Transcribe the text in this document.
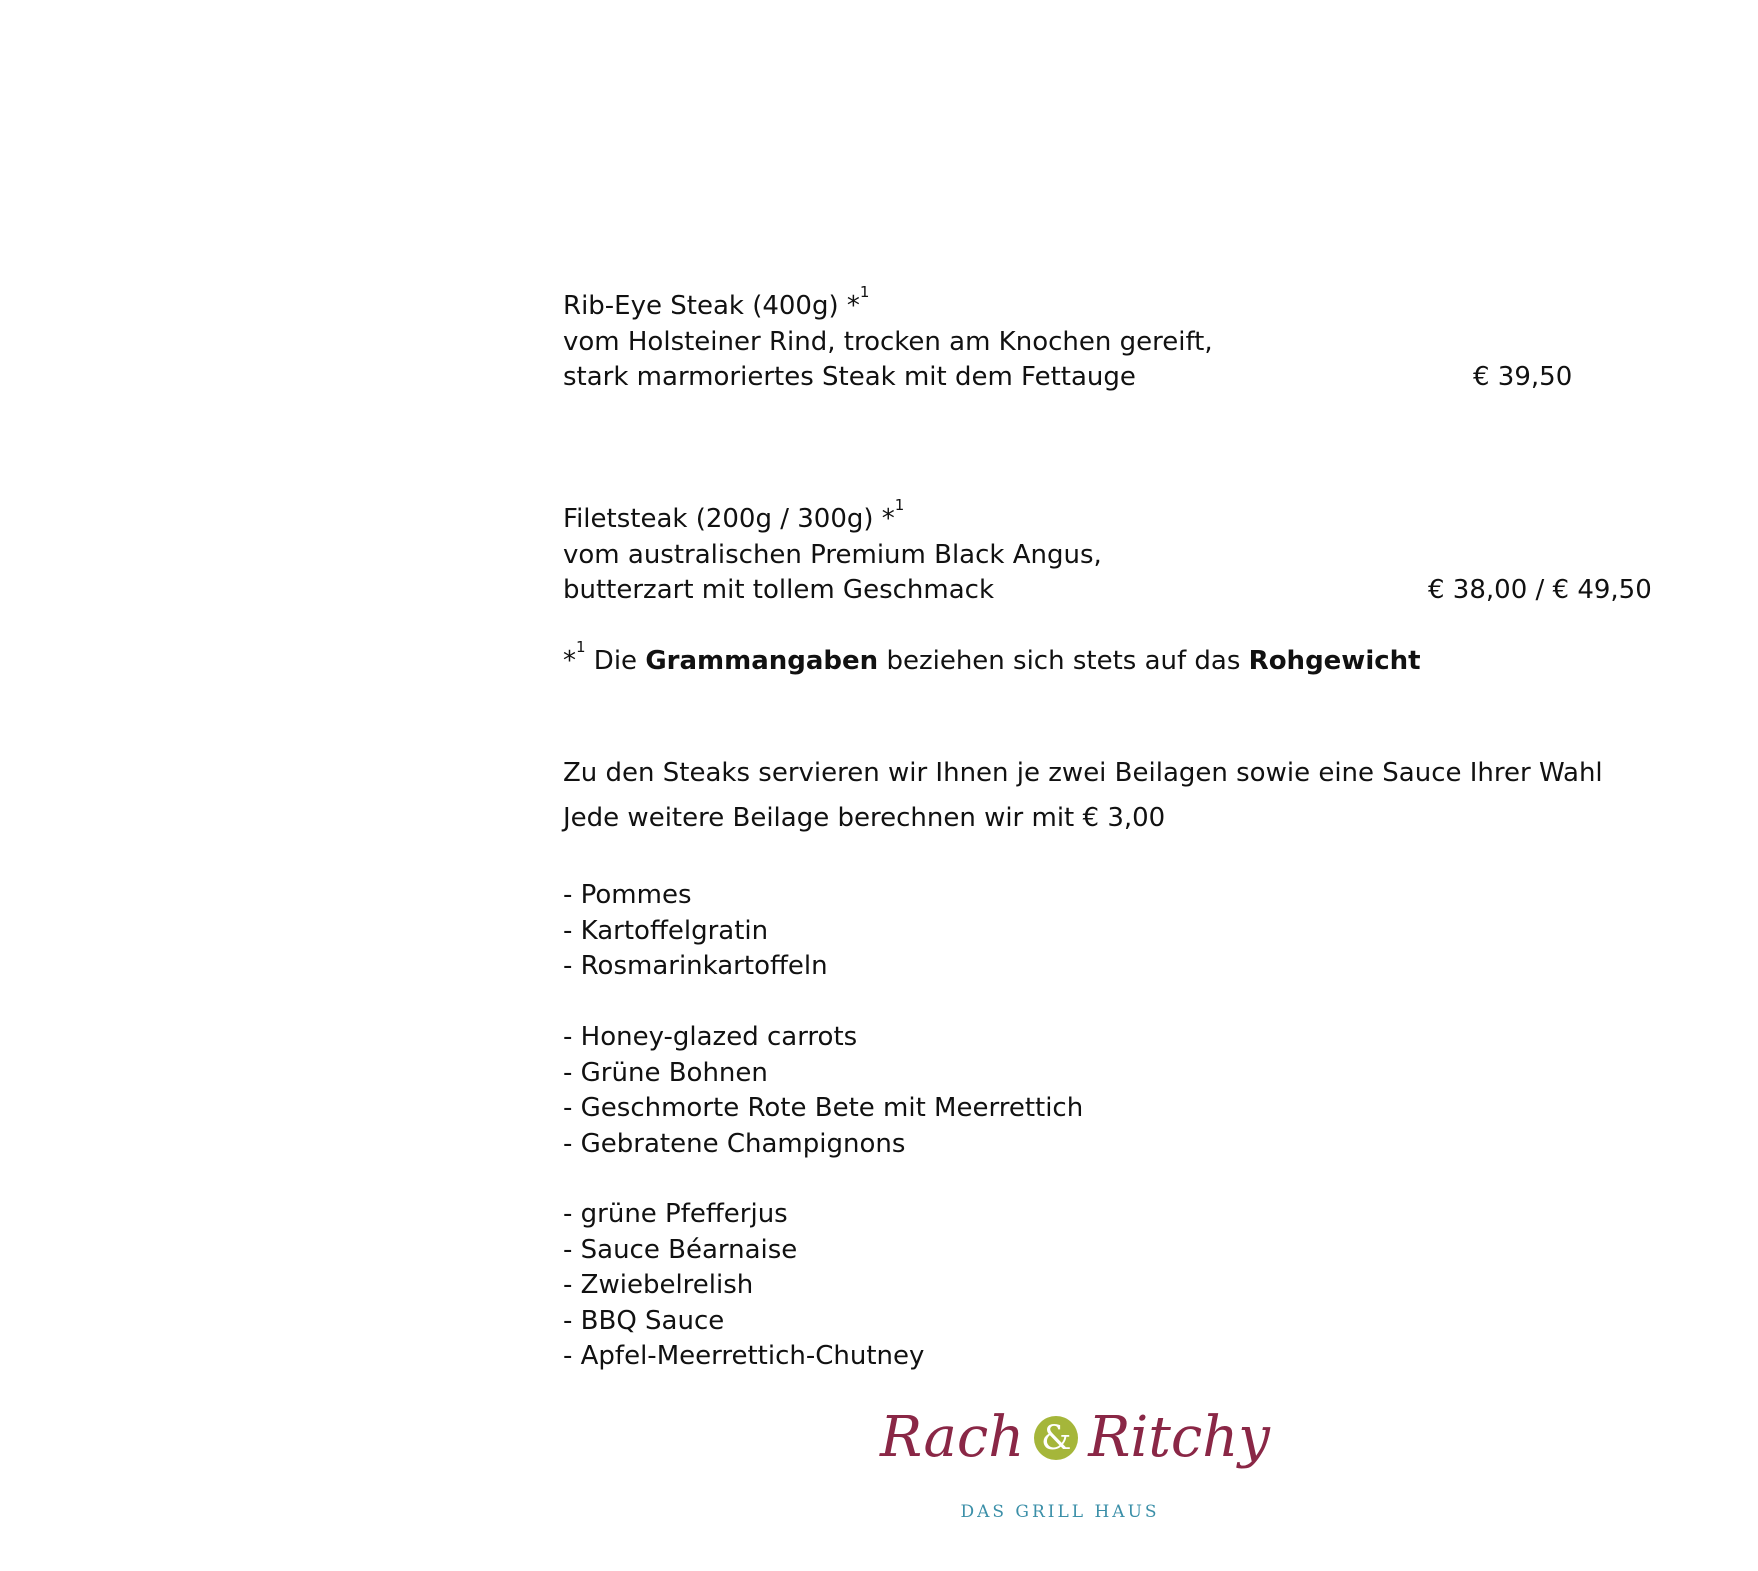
Rib-Eye Steak (400g) *$^1$
vom Holsteiner Rind, trocken am Knochen gereift,
stark marmoriertes Steak mit dem Fettauge	€ 39,50
Filetsteak (200g / 300g) *$^1$
vom australischen Premium Black Angus,
butterzart mit tollem Geschmack	€ 38,00 / € 49,50
*$^1$ Die Grammangaben beziehen sich stets auf das Rohgewicht
Zu den Steaks servieren wir Ihnen je zwei Beilagen sowie eine Sauce Ihrer Wahl
Jede weitere Beilage berechnen wir mit € 3,00
- Pommes
- Kartoffelgratin
- Rosmarinkartoffeln
- Honey-glazed carrots
- Grüne Bohnen
- Geschmorte Rote Bete mit Meerrettich
- Gebratene Champignons
- grüne Pfefferjus
- Sauce Béarnaise
- Zwiebelrelish
- BBQ Sauce
- Apfel-Meerrettich-Chutney
Rach & Ritchy
DAS GRILL HAUS
